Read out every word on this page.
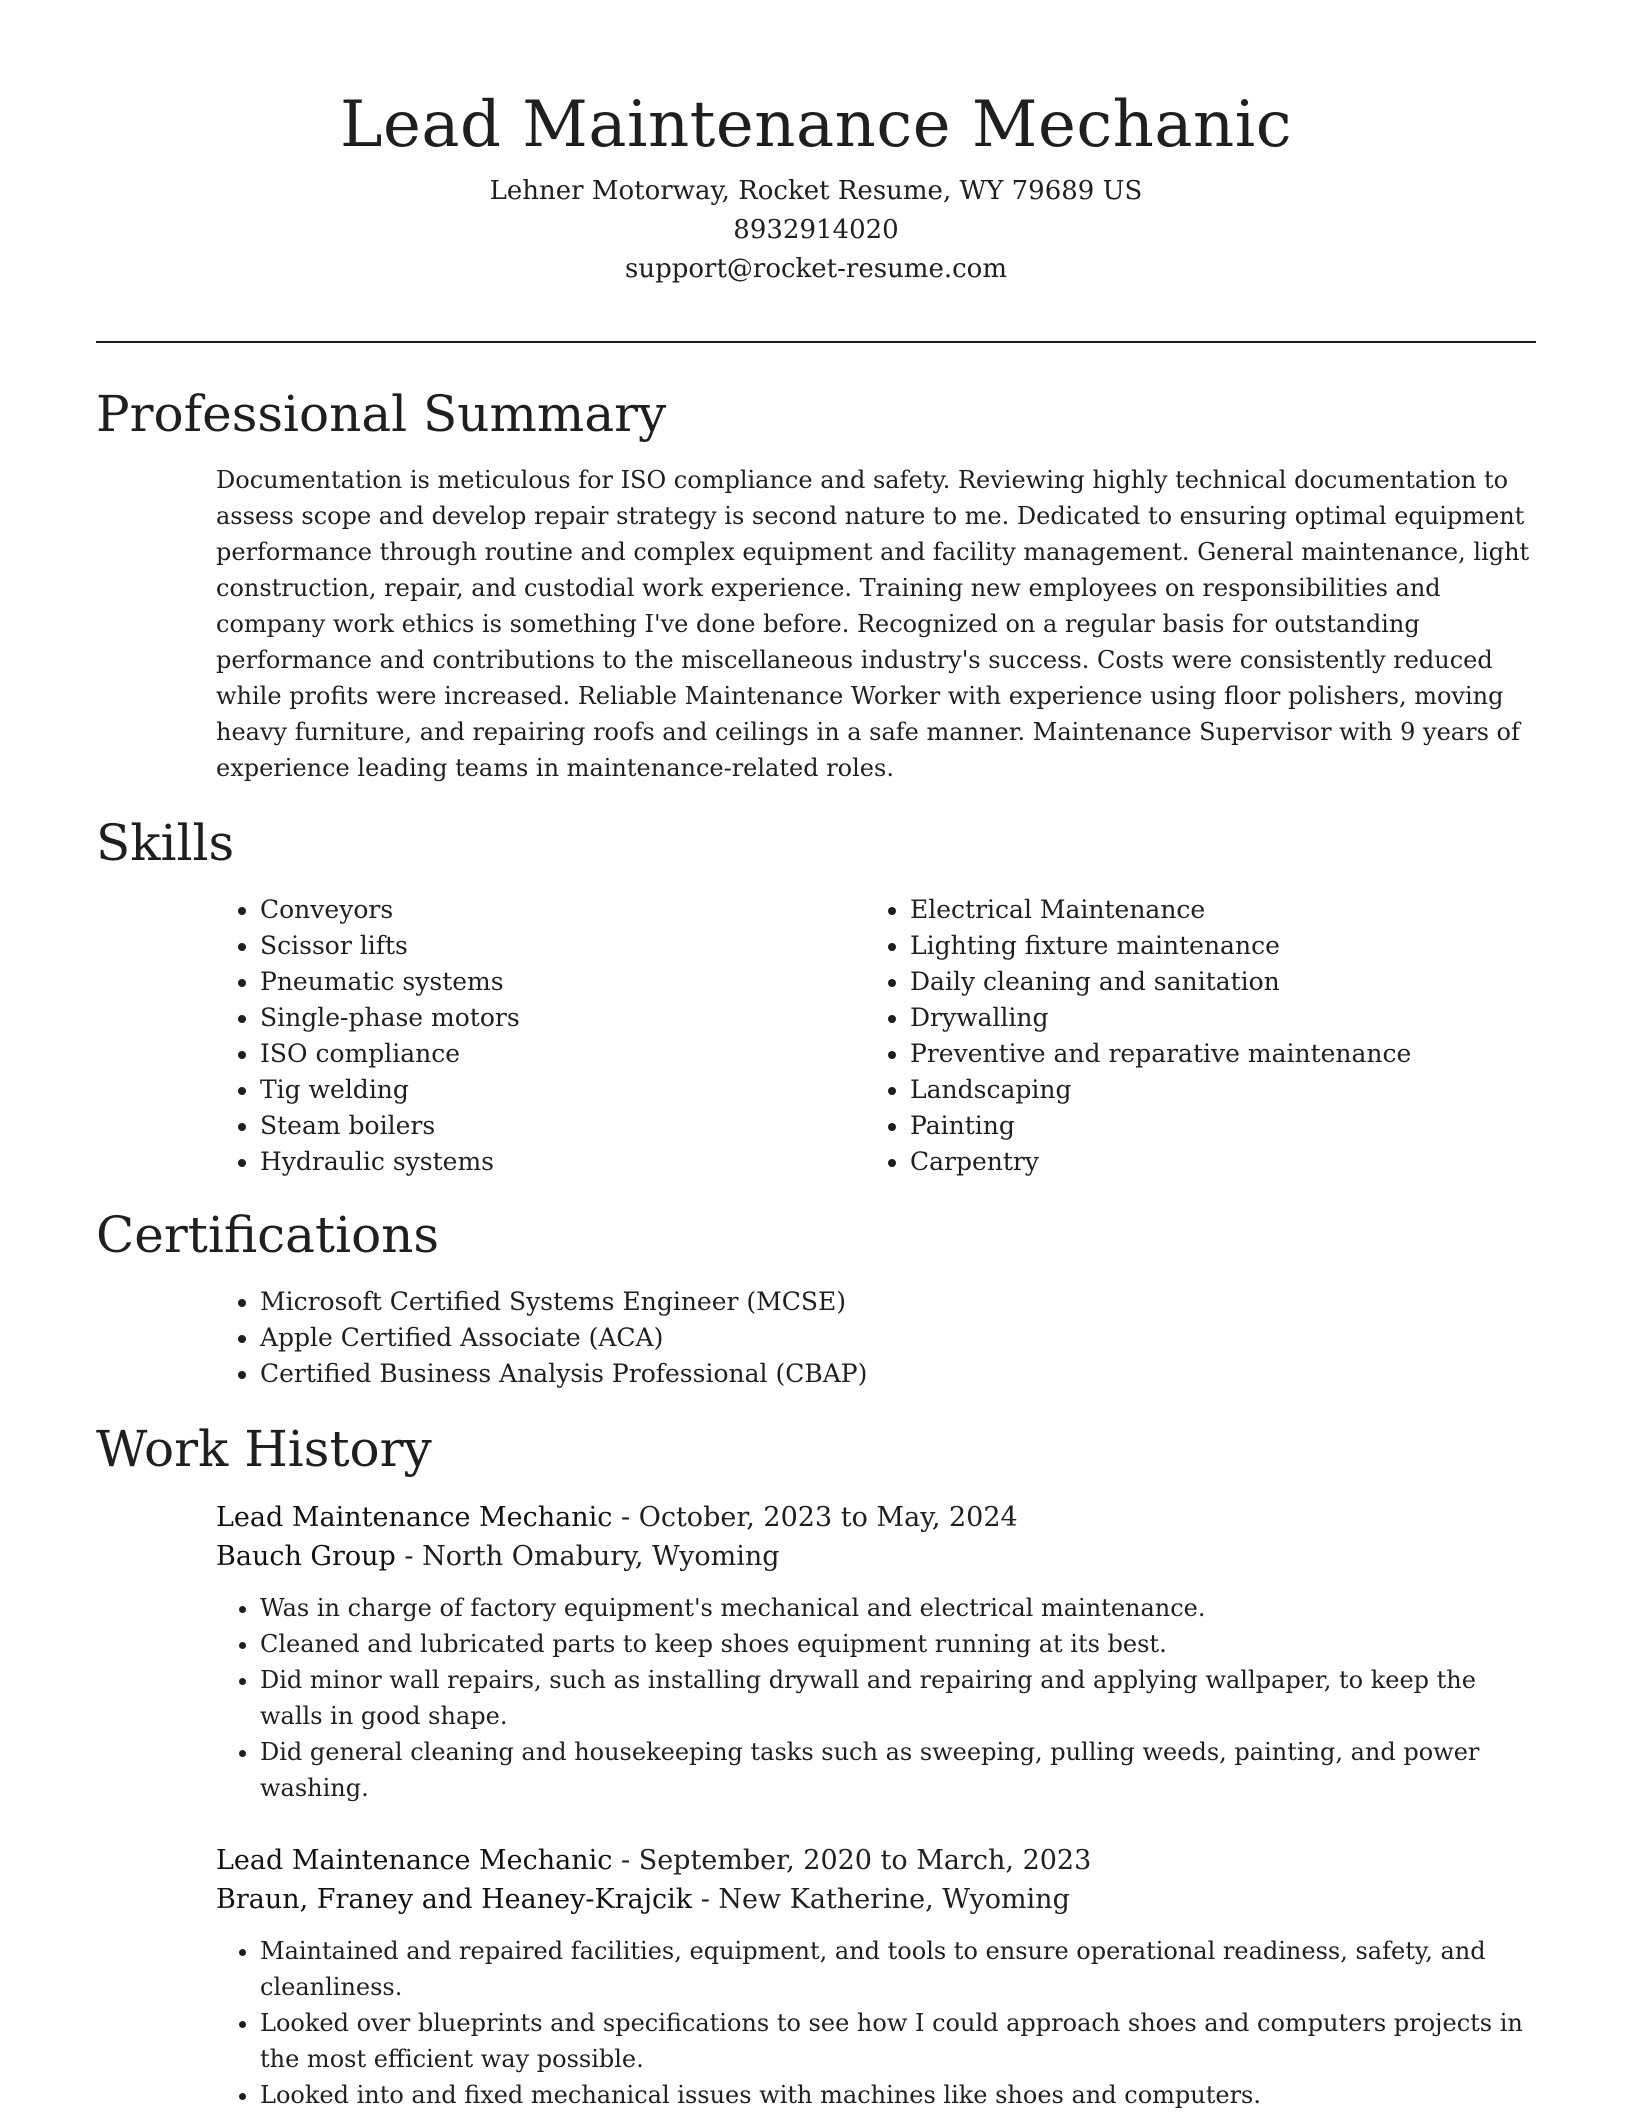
Lead Maintenance Mechanic
Lehner Motorway, Rocket Resume, WY 79689 US
8932914020
support@rocket-resume.com
Professional Summary

Documentation is meticulous for ISO compliance and safety. Reviewing highly technical documentation to assess scope and develop repair strategy is second nature to me. Dedicated to ensuring optimal equipment performance through routine and complex equipment and facility management. General maintenance, light construction, repair, and custodial work experience. Training new employees on responsibilities and company work ethics is something I've done before. Recognized on a regular basis for outstanding performance and contributions to the miscellaneous industry's success. Costs were consistently reduced while profits were increased. Reliable Maintenance Worker with experience using floor polishers, moving heavy furniture, and repairing roofs and ceilings in a safe manner. Maintenance Supervisor with 9 years of experience leading teams in maintenance-related roles.

Skills
• Conveyors
• Scissor lifts
• Pneumatic systems
• Single-phase motors
• ISO compliance
• Tig welding
• Steam boilers
• Hydraulic systems
• Electrical Maintenance
• Lighting fixture maintenance
• Daily cleaning and sanitation
• Drywalling
• Preventive and reparative maintenance
• Landscaping
• Painting
• Carpentry
Certifications
• Microsoft Certified Systems Engineer (MCSE)
• Apple Certified Associate (ACA)
• Certified Business Analysis Professional (CBAP)
Work History
Lead Maintenance Mechanic - October, 2023 to May, 2024
Bauch Group - North Omabury, Wyoming
• Was in charge of factory equipment's mechanical and electrical maintenance.
• Cleaned and lubricated parts to keep shoes equipment running at its best.
• Did minor wall repairs, such as installing drywall and repairing and applying wallpaper, to keep the walls in good shape.
• Did general cleaning and housekeeping tasks such as sweeping, pulling weeds, painting, and power washing.
Lead Maintenance Mechanic - September, 2020 to March, 2023
Braun, Franey and Heaney-Krajcik - New Katherine, Wyoming
• Maintained and repaired facilities, equipment, and tools to ensure operational readiness, safety, and cleanliness.
• Looked over blueprints and specifications to see how I could approach shoes and computers projects in the most efficient way possible.
• Looked into and fixed mechanical issues with machines like shoes and computers.
